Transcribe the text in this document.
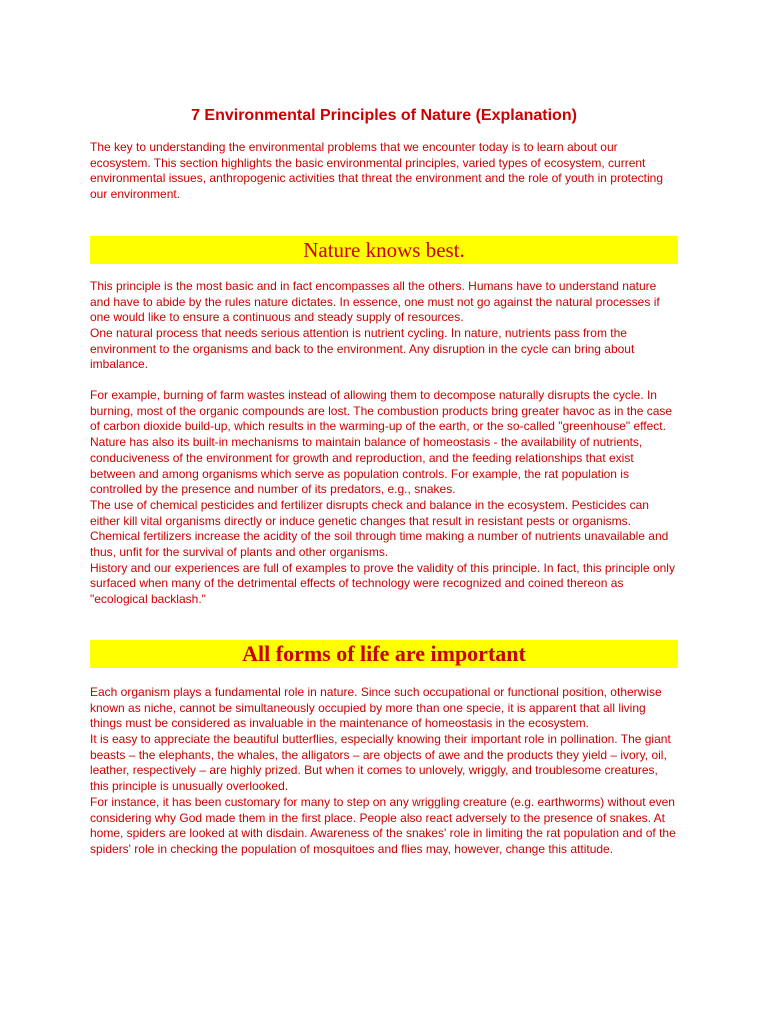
7 Environmental Principles of Nature (Explanation)

The key to understanding the environmental problems that we encounter today is to learn about our ecosystem. This section highlights the basic environmental principles, varied types of ecosystem, current environmental issues, anthropogenic activities that threat the environment and the role of youth in protecting our environment.

Nature knows best.

This principle is the most basic and in fact encompasses all the others. Humans have to understand nature and have to abide by the rules nature dictates. In essence, one must not go against the natural processes if one would like to ensure a continuous and steady supply of resources.

One natural process that needs serious attention is nutrient cycling. In nature, nutrients pass from the environment to the organisms and back to the environment. Any disruption in the cycle can bring about imbalance.

For example, burning of farm wastes instead of allowing them to decompose naturally disrupts the cycle. In burning, most of the organic compounds are lost. The combustion products bring greater havoc as in the case of carbon dioxide build-up, which results in the warming-up of the earth, or the so-called "greenhouse" effect.

Nature has also its built-in mechanisms to maintain balance of homeostasis - the availability of nutrients, conduciveness of the environment for growth and reproduction, and the feeding relationships that exist between and among organisms which serve as population controls. For example, the rat population is controlled by the presence and number of its predators, e.g., snakes.

The use of chemical pesticides and fertilizer disrupts check and balance in the ecosystem. Pesticides can either kill vital organisms directly or induce genetic changes that result in resistant pests or organisms. Chemical fertilizers increase the acidity of the soil through time making a number of nutrients unavailable and thus, unfit for the survival of plants and other organisms.

History and our experiences are full of examples to prove the validity of this principle. In fact, this principle only surfaced when many of the detrimental effects of technology were recognized and coined thereon as "ecological backlash."

All forms of life are important

Each organism plays a fundamental role in nature. Since such occupational or functional position, otherwise known as niche, cannot be simultaneously occupied by more than one specie, it is apparent that all living things must be considered as invaluable in the maintenance of homeostasis in the ecosystem.

It is easy to appreciate the beautiful butterflies, especially knowing their important role in pollination. The giant beasts – the elephants, the whales, the alligators – are objects of awe and the products they yield – ivory, oil, leather, respectively – are highly prized. But when it comes to unlovely, wriggly, and troublesome creatures, this principle is unusually overlooked.

For instance, it has been customary for many to step on any wriggling creature (e.g. earthworms) without even considering why God made them in the first place. People also react adversely to the presence of snakes. At home, spiders are looked at with disdain. Awareness of the snakes' role in limiting the rat population and of the spiders' role in checking the population of mosquitoes and flies may, however, change this attitude.
